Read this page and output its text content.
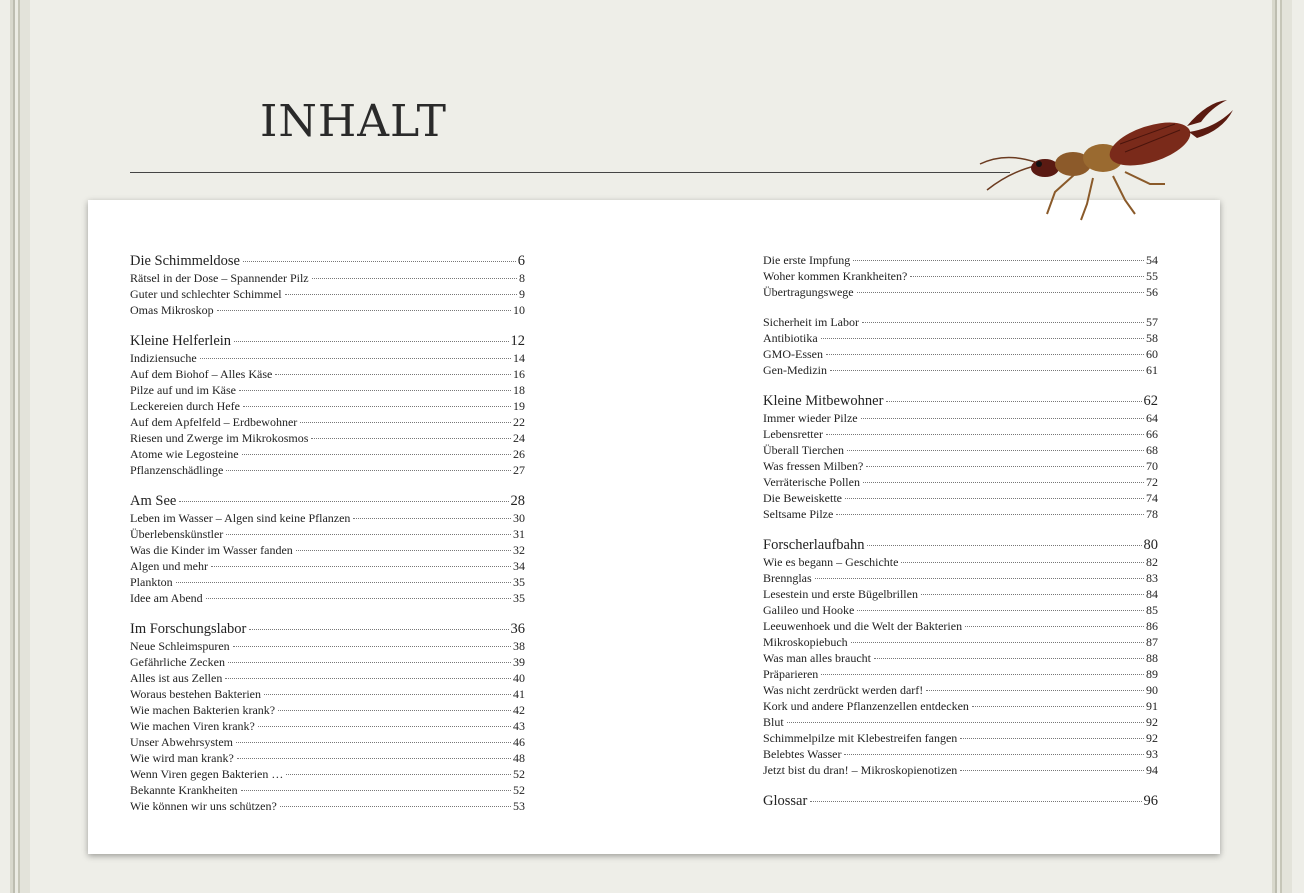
INHALT
Die Schimmeldose	6
Rätsel in der Dose – Spannender Pilz	8
Guter und schlechter Schimmel	9
Omas Mikroskop	10
Kleine Helferlein	12
Indiziensuche	14
Auf dem Biohof – Alles Käse	16
Pilze auf und im Käse	18
Leckereien durch Hefe	19
Auf dem Apfelfeld – Erdbewohner	22
Riesen und Zwerge im Mikrokosmos	24
Atome wie Legosteine	26
Pflanzenschädlinge	27
Am See	28
Leben im Wasser – Algen sind keine Pflanzen	30
Überlebenskünstler	31
Was die Kinder im Wasser fanden	32
Algen und mehr	34
Plankton	35
Idee am Abend	35
Im Forschungslabor	36
Neue Schleimspuren	38
Gefährliche Zecken	39
Alles ist aus Zellen	40
Woraus bestehen Bakterien	41
Wie machen Bakterien krank?	42
Wie machen Viren krank?	43
Unser Abwehrsystem	46
Wie wird man krank?	48
Wenn Viren gegen Bakterien …	52
Bekannte Krankheiten	52
Wie können wir uns schützen?	53
Die erste Impfung	54
Woher kommen Krankheiten?	55
Übertragungswege	56
Sicherheit im Labor	57
Antibiotika	58
GMO-Essen	60
Gen-Medizin	61
Kleine Mitbewohner	62
Immer wieder Pilze	64
Lebensretter	66
Überall Tierchen	68
Was fressen Milben?	70
Verräterische Pollen	72
Die Beweiskette	74
Seltsame Pilze	78
Forscherlaufbahn	80
Wie es begann – Geschichte	82
Brennglas	83
Lesestein und erste Bügelbrillen	84
Galileo und Hooke	85
Leeuwenhoek und die Welt der Bakterien	86
Mikroskopiebuch	87
Was man alles braucht	88
Präparieren	89
Was nicht zerdrückt werden darf!	90
Kork und andere Pflanzenzellen entdecken	91
Blut	92
Schimmelpilze mit Klebestreifen fangen	92
Belebtes Wasser	93
Jetzt bist du dran! – Mikroskopienotizen	94
Glossar	96
